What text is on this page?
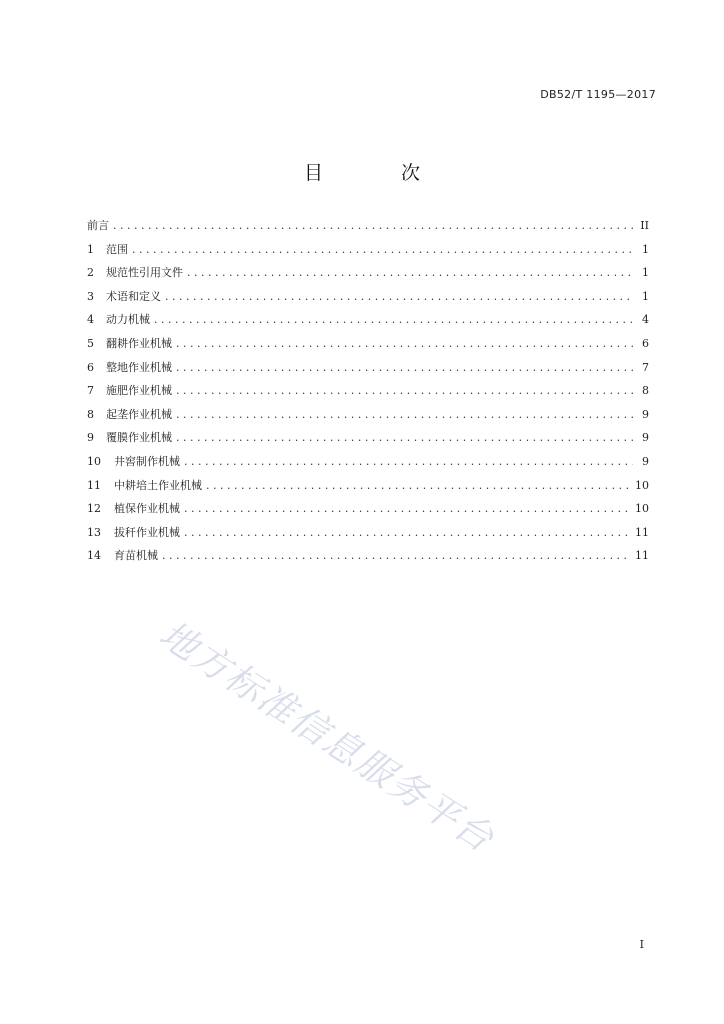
DB52/T 1195—2017
目 次
前言 . . .	II
1	范围 . . .	1
2	规范性引用文件 . . .	1
3	术语和定义 . . .	1
4	动力机械 . . .	4
5	翻耕作业机械 . . .	6
6	整地作业机械 . . .	7
7	施肥作业机械 . . .	8
8	起垄作业机械 . . .	9
9	覆膜作业机械 . . .	9
10	井窖制作机械 . . .	9
11	中耕培土作业机械 . . .	10
12	植保作业机械 . . .	10
13	拔秆作业机械 . . .	11
14	育苗机械 . . .	11
地方标准信息服务平台
I
